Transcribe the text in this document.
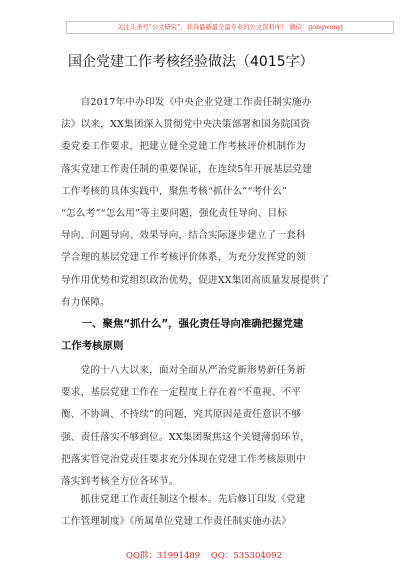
关注头条号“公文研究”，获得最新最全最专业的公文资料库！ 微信：gongwenyj
国企党建工作考核经验做法（4015字）
　　自2017年中办印发《中央企业党建工作责任制实施办
法》以来，XX集团深入贯彻党中央决策部署和国务院国资
委党委工作要求，把建立健全党建工作考核评价机制作为
落实党建工作责任制的重要保证，在连续5年开展基层党建
工作考核的具体实践中，聚焦考核“抓什么”“考什么”
“怎么考”“怎么用”等主要问题，强化责任导向、目标
导向、问题导向、效果导向，结合实际逐步建立了一套科
学合理的基层党建工作考核评价体系，为充分发挥党的领
导作用优势和党组织政治优势，促进XX集团高质量发展提供了
有力保障。
　　一、聚焦“抓什么”，强化责任导向准确把握党建
工作考核原则
　　党的十八大以来，面对全面从严治党新形势新任务新
要求，基层党建工作在一定程度上存在着“不重视、不平
衡、不协调、不持续”的问题，究其原因是责任意识不够
强、责任落实不够到位。XX集团聚焦这个关键薄弱环节，
把落实管党治党责任要求充分体现在党建工作考核原则中
落实到考核全方位各环节。
　　抓住党建工作责任制这个根本。先后修订印发《党建
工作管理制度》《所属单位党建工作责任制实施办法》
QQ群：31991489 QQ：535304092
